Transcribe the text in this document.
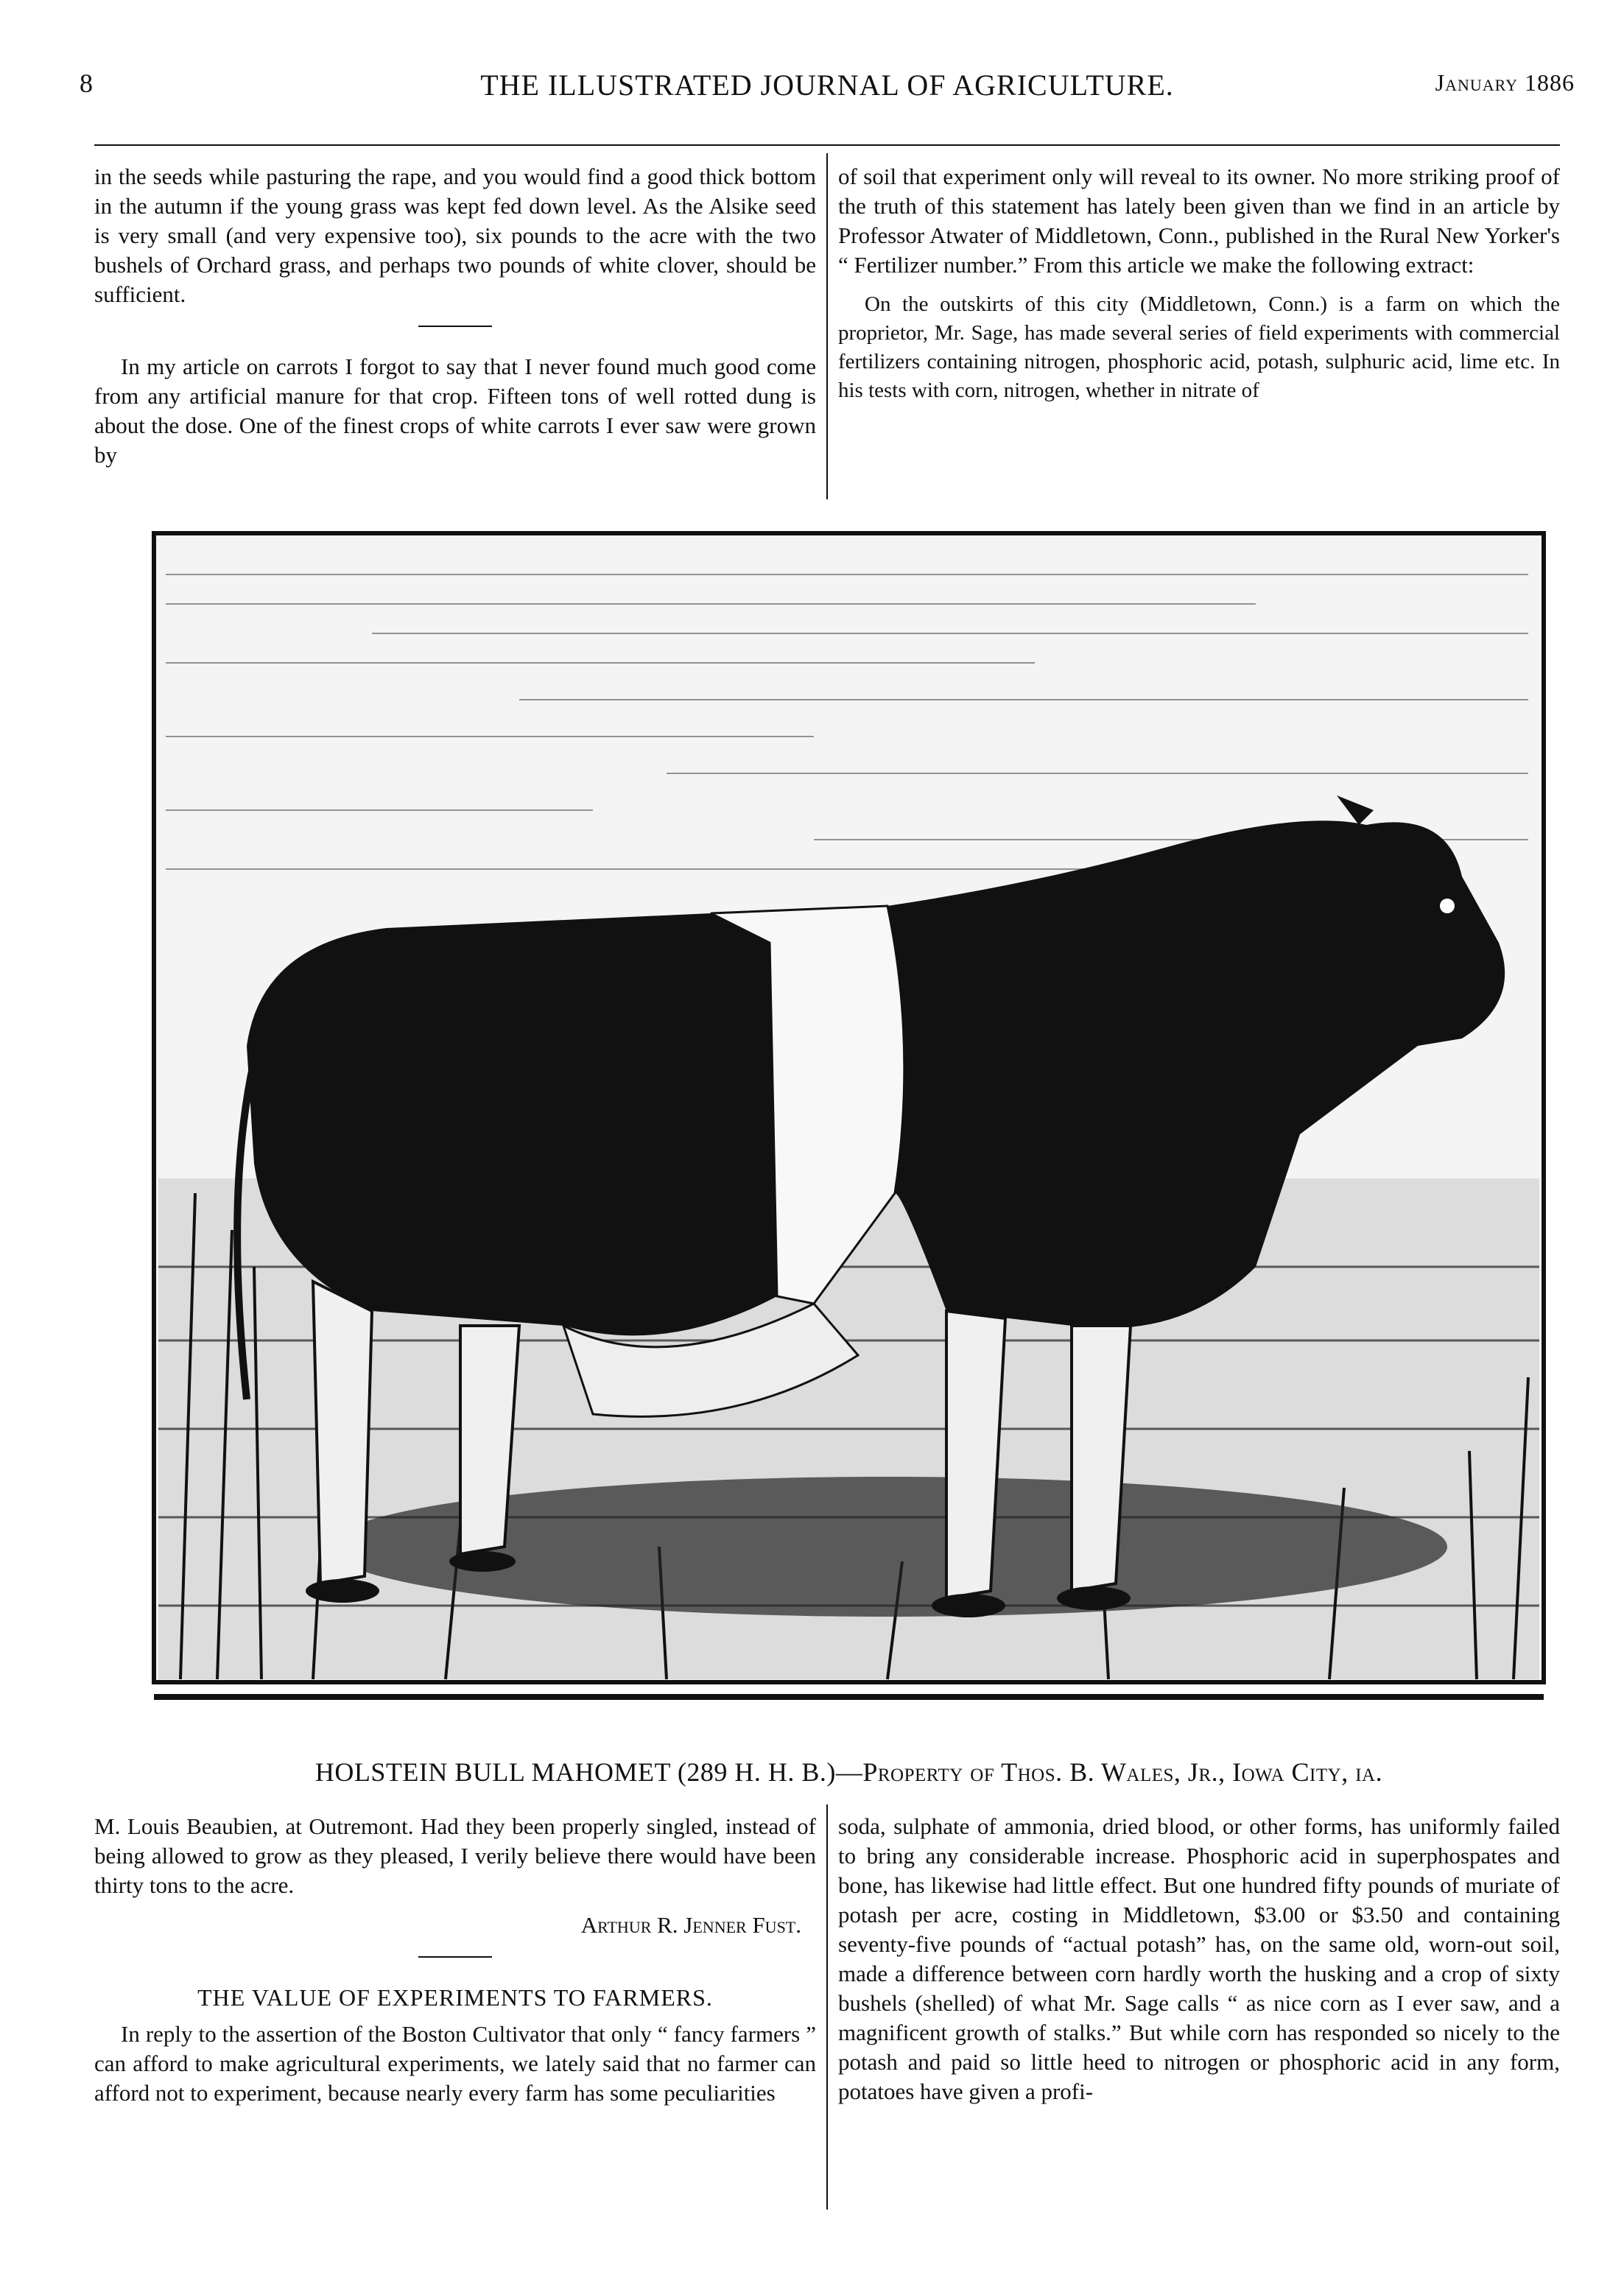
8	THE ILLUSTRATED JOURNAL OF AGRICULTURE.	January 1886

in the seeds while pasturing the rape, and you would find a good thick bottom in the autumn if the young grass was kept fed down level. As the Alsike seed is very small (and very expensive too), six pounds to the acre with the two bushels of Orchard grass, and perhaps two pounds of white clover, should be sufficient.

In my article on carrots I forgot to say that I never found much good come from any artificial manure for that crop. Fifteen tons of well rotted dung is about the dose. One of the finest crops of white carrots I ever saw were grown by

of soil that experiment only will reveal to its owner. No more striking proof of the truth of this statement has lately been given than we find in an article by Professor Atwater of Middletown, Conn., published in the Rural New Yorker's “ Fertilizer number.” From this article we make the following extract:

On the outskirts of this city (Middletown, Conn.) is a farm on which the proprietor, Mr. Sage, has made several series of field experiments with commercial fertilizers containing nitrogen, phosphoric acid, potash, sulphuric acid, lime etc. In his tests with corn, nitrogen, whether in nitrate of

HOLSTEIN BULL MAHOMET (289 H. H. B.)—Property of Thos. B. Wales, Jr., Iowa City, ia.

M. Louis Beaubien, at Outremont. Had they been properly singled, instead of being allowed to grow as they pleased, I verily believe there would have been thirty tons to the acre.

Arthur R. Jenner Fust.

THE VALUE OF EXPERIMENTS TO FARMERS.

In reply to the assertion of the Boston Cultivator that only “ fancy farmers ” can afford to make agricultural experiments, we lately said that no farmer can afford not to experiment, because nearly every farm has some peculiarities

soda, sulphate of ammonia, dried blood, or other forms, has uniformly failed to bring any considerable increase. Phosphoric acid in superphospates and bone, has likewise had little effect. But one hundred fifty pounds of muriate of potash per acre, costing in Middletown, $3.00 or $3.50 and containing seventy-five pounds of “actual potash” has, on the same old, worn-out soil, made a difference between corn hardly worth the husking and a crop of sixty bushels (shelled) of what Mr. Sage calls “ as nice corn as I ever saw, and a magnificent growth of stalks.” But while corn has responded so nicely to the potash and paid so little heed to nitrogen or phosphoric acid in any form, potatoes have given a profi-
